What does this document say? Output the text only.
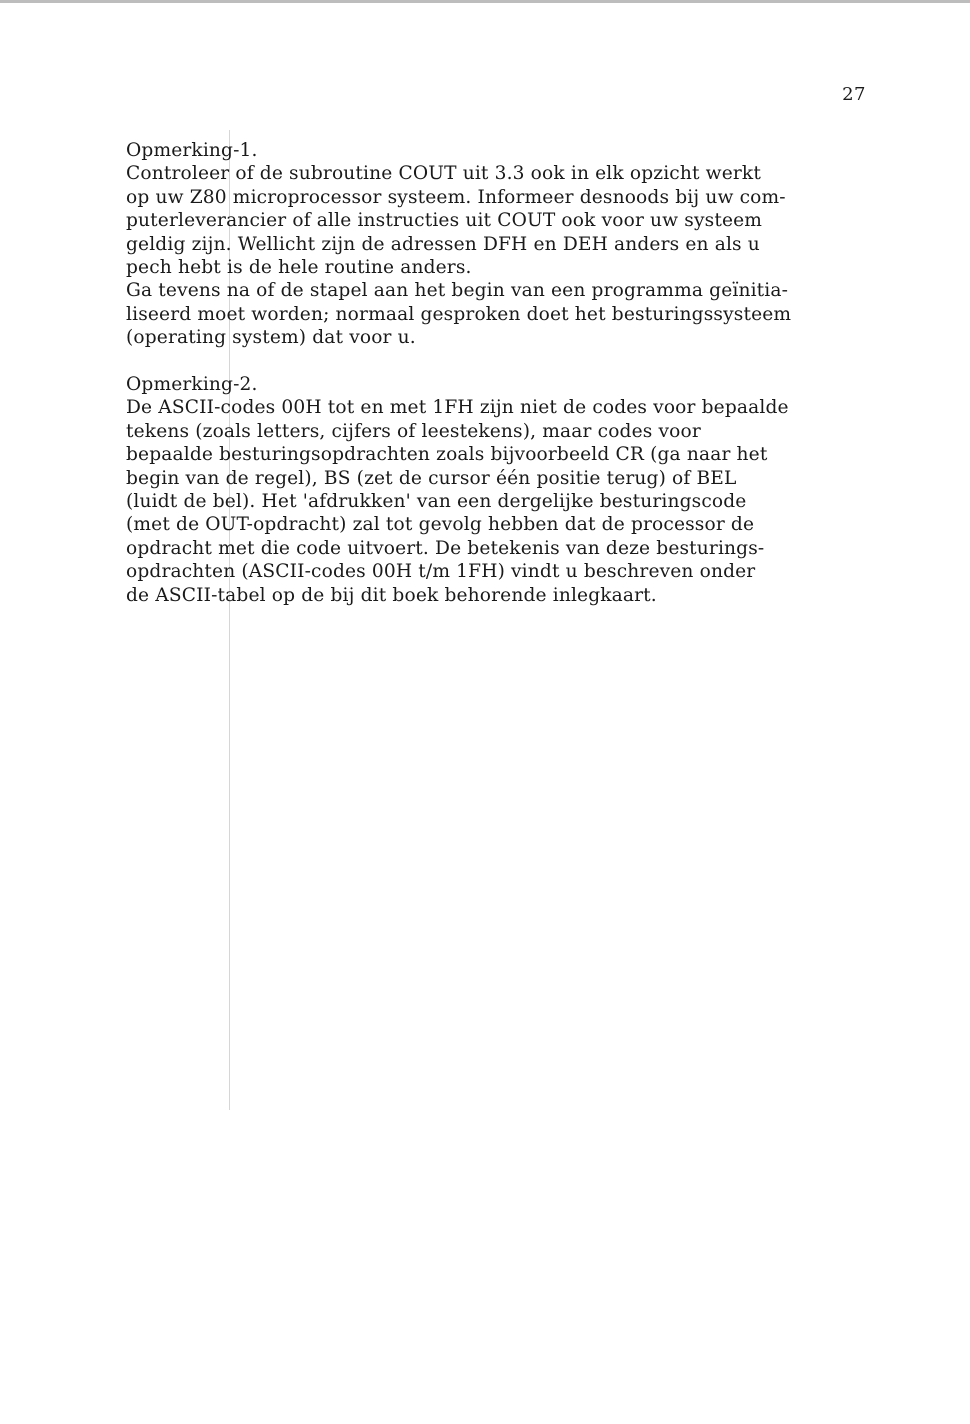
27
Opmerking-1.
Controleer of de subroutine COUT uit 3.3 ook in elk opzicht werkt
op uw Z80 microprocessor systeem. Informeer desnoods bij uw com-
puterleverancier of alle instructies uit COUT ook voor uw systeem
geldig zijn. Wellicht zijn de adressen DFH en DEH anders en als u
pech hebt is de hele routine anders.
Ga tevens na of de stapel aan het begin van een programma geïnitia-
liseerd moet worden; normaal gesproken doet het besturingssysteem
(operating system) dat voor u.
Opmerking-2.
De ASCII-codes 00H tot en met 1FH zijn niet de codes voor bepaalde
tekens (zoals letters, cijfers of leestekens), maar codes voor
bepaalde besturingsopdrachten zoals bijvoorbeeld CR (ga naar het
begin van de regel), BS (zet de cursor één positie terug) of BEL
(luidt de bel). Het 'afdrukken' van een dergelijke besturingscode
(met de OUT-opdracht) zal tot gevolg hebben dat de processor de
opdracht met die code uitvoert. De betekenis van deze besturings-
opdrachten (ASCII-codes 00H t/m 1FH) vindt u beschreven onder
de ASCII-tabel op de bij dit boek behorende inlegkaart.
